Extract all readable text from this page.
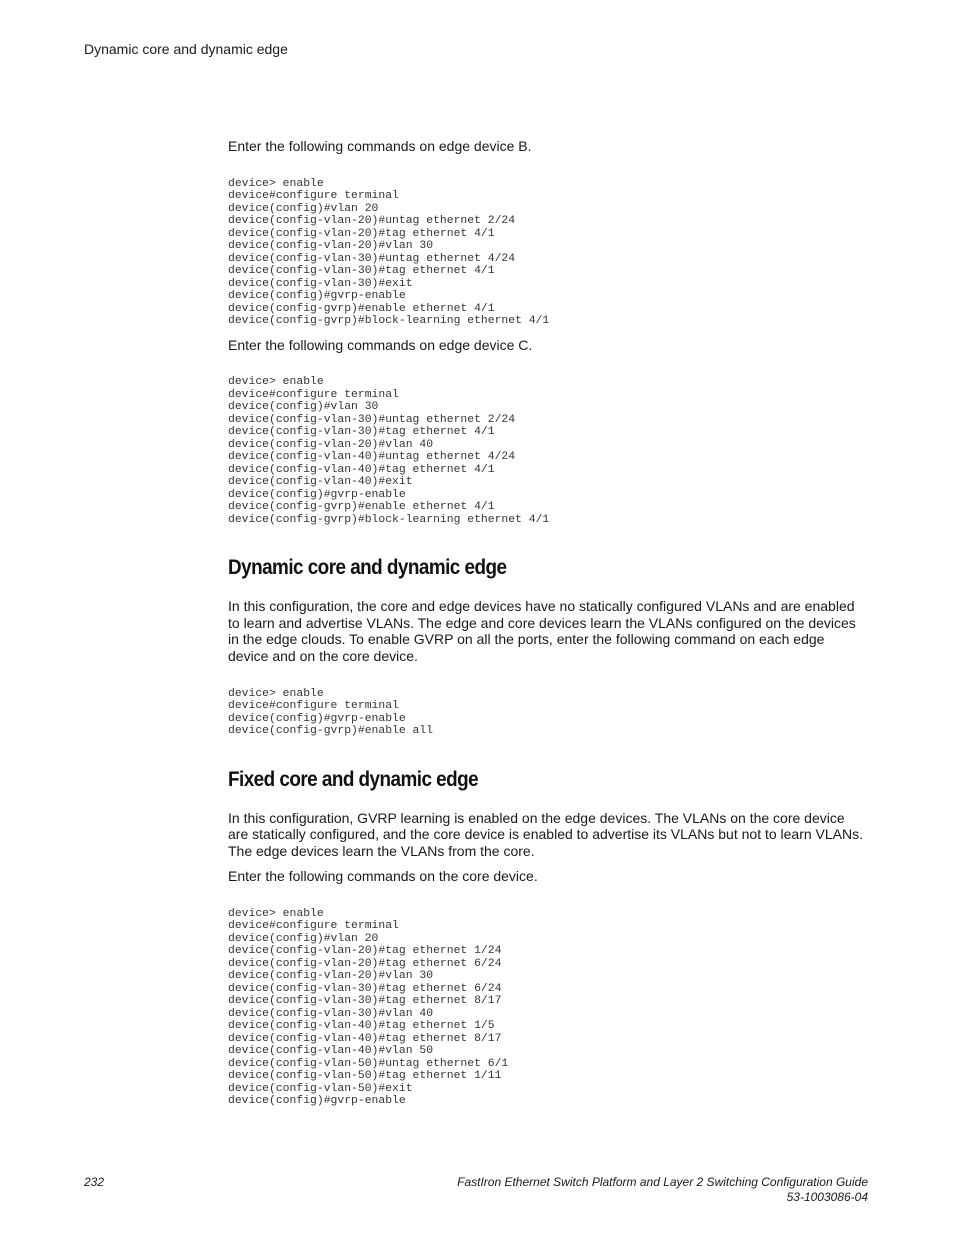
Dynamic core and dynamic edge

Enter the following commands on edge device B.

device> enable
device#configure terminal
device(config)#vlan 20
device(config-vlan-20)#untag ethernet 2/24
device(config-vlan-20)#tag ethernet 4/1
device(config-vlan-20)#vlan 30
device(config-vlan-30)#untag ethernet 4/24
device(config-vlan-30)#tag ethernet 4/1
device(config-vlan-30)#exit
device(config)#gvrp-enable
device(config-gvrp)#enable ethernet 4/1
device(config-gvrp)#block-learning ethernet 4/1

Enter the following commands on edge device C.

device> enable
device#configure terminal
device(config)#vlan 30
device(config-vlan-30)#untag ethernet 2/24
device(config-vlan-30)#tag ethernet 4/1
device(config-vlan-20)#vlan 40
device(config-vlan-40)#untag ethernet 4/24
device(config-vlan-40)#tag ethernet 4/1
device(config-vlan-40)#exit
device(config)#gvrp-enable
device(config-gvrp)#enable ethernet 4/1
device(config-gvrp)#block-learning ethernet 4/1
Dynamic core and dynamic edge

In this configuration, the core and edge devices have no statically configured VLANs and are enabled to learn and advertise VLANs. The edge and core devices learn the VLANs configured on the devices in the edge clouds. To enable GVRP on all the ports, enter the following command on each edge device and on the core device.

device> enable
device#configure terminal
device(config)#gvrp-enable
device(config-gvrp)#enable all
Fixed core and dynamic edge

In this configuration, GVRP learning is enabled on the edge devices. The VLANs on the core device are statically configured, and the core device is enabled to advertise its VLANs but not to learn VLANs. The edge devices learn the VLANs from the core.

Enter the following commands on the core device.

device> enable
device#configure terminal
device(config)#vlan 20
device(config-vlan-20)#tag ethernet 1/24
device(config-vlan-20)#tag ethernet 6/24
device(config-vlan-20)#vlan 30
device(config-vlan-30)#tag ethernet 6/24
device(config-vlan-30)#tag ethernet 8/17
device(config-vlan-30)#vlan 40
device(config-vlan-40)#tag ethernet 1/5
device(config-vlan-40)#tag ethernet 8/17
device(config-vlan-40)#vlan 50
device(config-vlan-50)#untag ethernet 6/1
device(config-vlan-50)#tag ethernet 1/11
device(config-vlan-50)#exit
device(config)#gvrp-enable
232	FastIron Ethernet Switch Platform and Layer 2 Switching Configuration Guide
53-1003086-04
